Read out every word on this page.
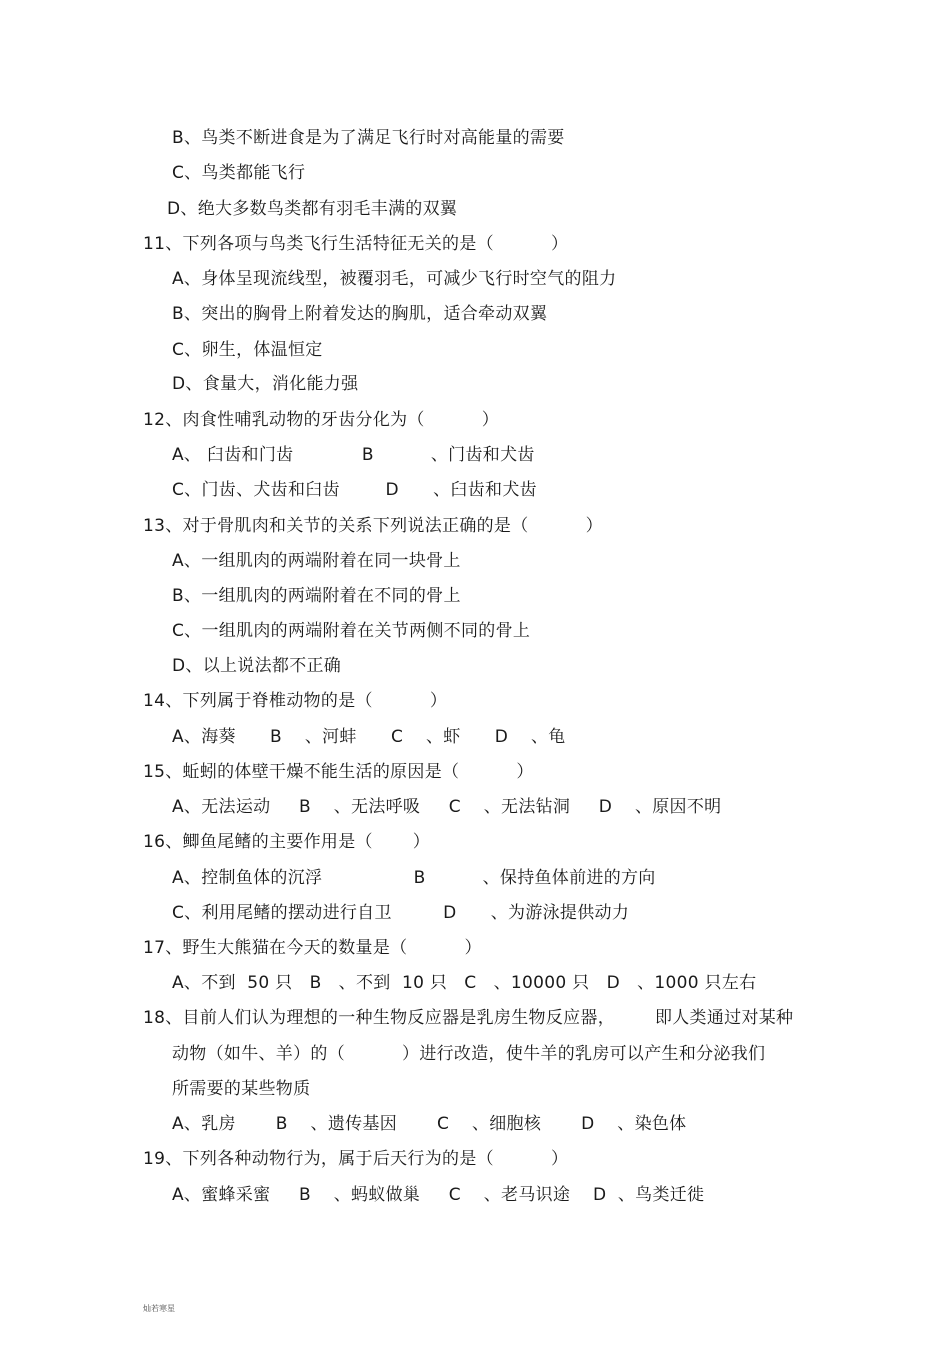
B、鸟类不断进食是为了满足飞行时对高能量的需要
C、鸟类都能飞行
D、绝大多数鸟类都有羽毛丰满的双翼
11、下列各项与鸟类飞行生活特征无关的是（          ）
A、身体呈现流线型，被覆羽毛，可减少飞行时空气的阻力
B、突出的胸骨上附着发达的胸肌，适合牵动双翼
C、卵生，体温恒定
D、食量大，消化能力强
12、肉食性哺乳动物的牙齿分化为（          ）
A、 臼齿和门齿            B          、门齿和犬齿
C、门齿、犬齿和臼齿        D      、臼齿和犬齿
13、对于骨肌肉和关节的关系下列说法正确的是（          ）
A、一组肌肉的两端附着在同一块骨上
B、一组肌肉的两端附着在不同的骨上
C、一组肌肉的两端附着在关节两侧不同的骨上
D、以上说法都不正确
14、下列属于脊椎动物的是（          ）
A、海葵      B    、河蚌      C    、虾      D    、龟
15、蚯蚓的体壁干燥不能生活的原因是（          ）
A、无法运动     B    、无法呼吸     C    、无法钻洞     D    、原因不明
16、鲫鱼尾鳍的主要作用是（       ）
A、控制鱼体的沉浮                B          、保持鱼体前进的方向
C、利用尾鳍的摆动进行自卫         D      、为游泳提供动力
17、野生大熊猫在今天的数量是（          ）
A、不到  50 只   B   、不到  10 只   C   、10000 只   D   、1000 只左右
18、目前人们认为理想的一种生物反应器是乳房生物反应器，       即人类通过对某种
动物（如牛、羊）的（          ）进行改造，使牛羊的乳房可以产生和分泌我们
所需要的某些物质
A、乳房       B    、遗传基因       C    、细胞核       D    、染色体
19、下列各种动物行为，属于后天行为的是（          ）
A、蜜蜂采蜜     B    、蚂蚁做巢     C    、老马识途    D  、鸟类迁徙
灿若寒星
